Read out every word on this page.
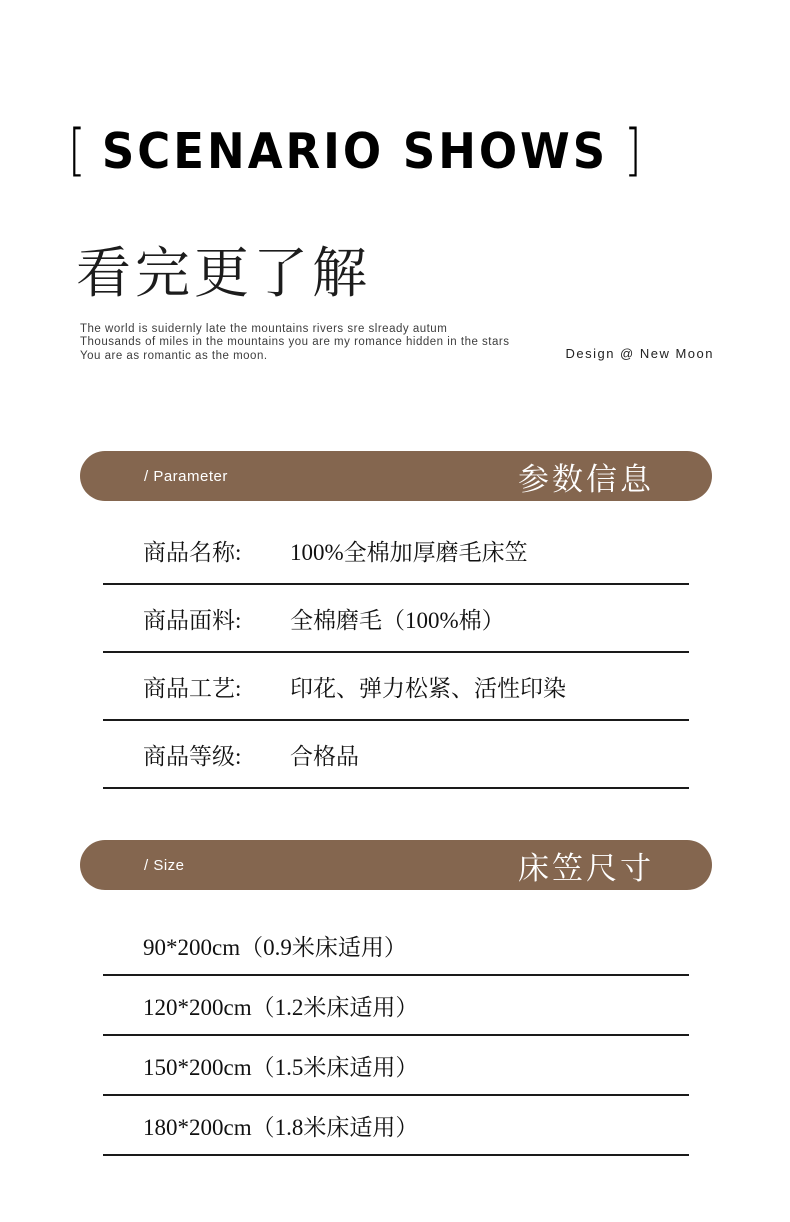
[ SCENARIO SHOWS ]
看完更了解

The world is suidernly late the mountains rivers sre slready autum
Thousands of miles in the mountains you are my romance hidden in the stars
You are as romantic as the moon.	Design @ New Moon
/ Parameter	参数信息
商品名称:	100%全棉加厚磨毛床笠
商品面料:	全棉磨毛（100%棉）
商品工艺:	印花、弹力松紧、活性印染
商品等级:	合格品
/ Size	床笠尺寸
90*200cm（0.9米床适用）
120*200cm（1.2米床适用）
150*200cm（1.5米床适用）
180*200cm（1.8米床适用）
